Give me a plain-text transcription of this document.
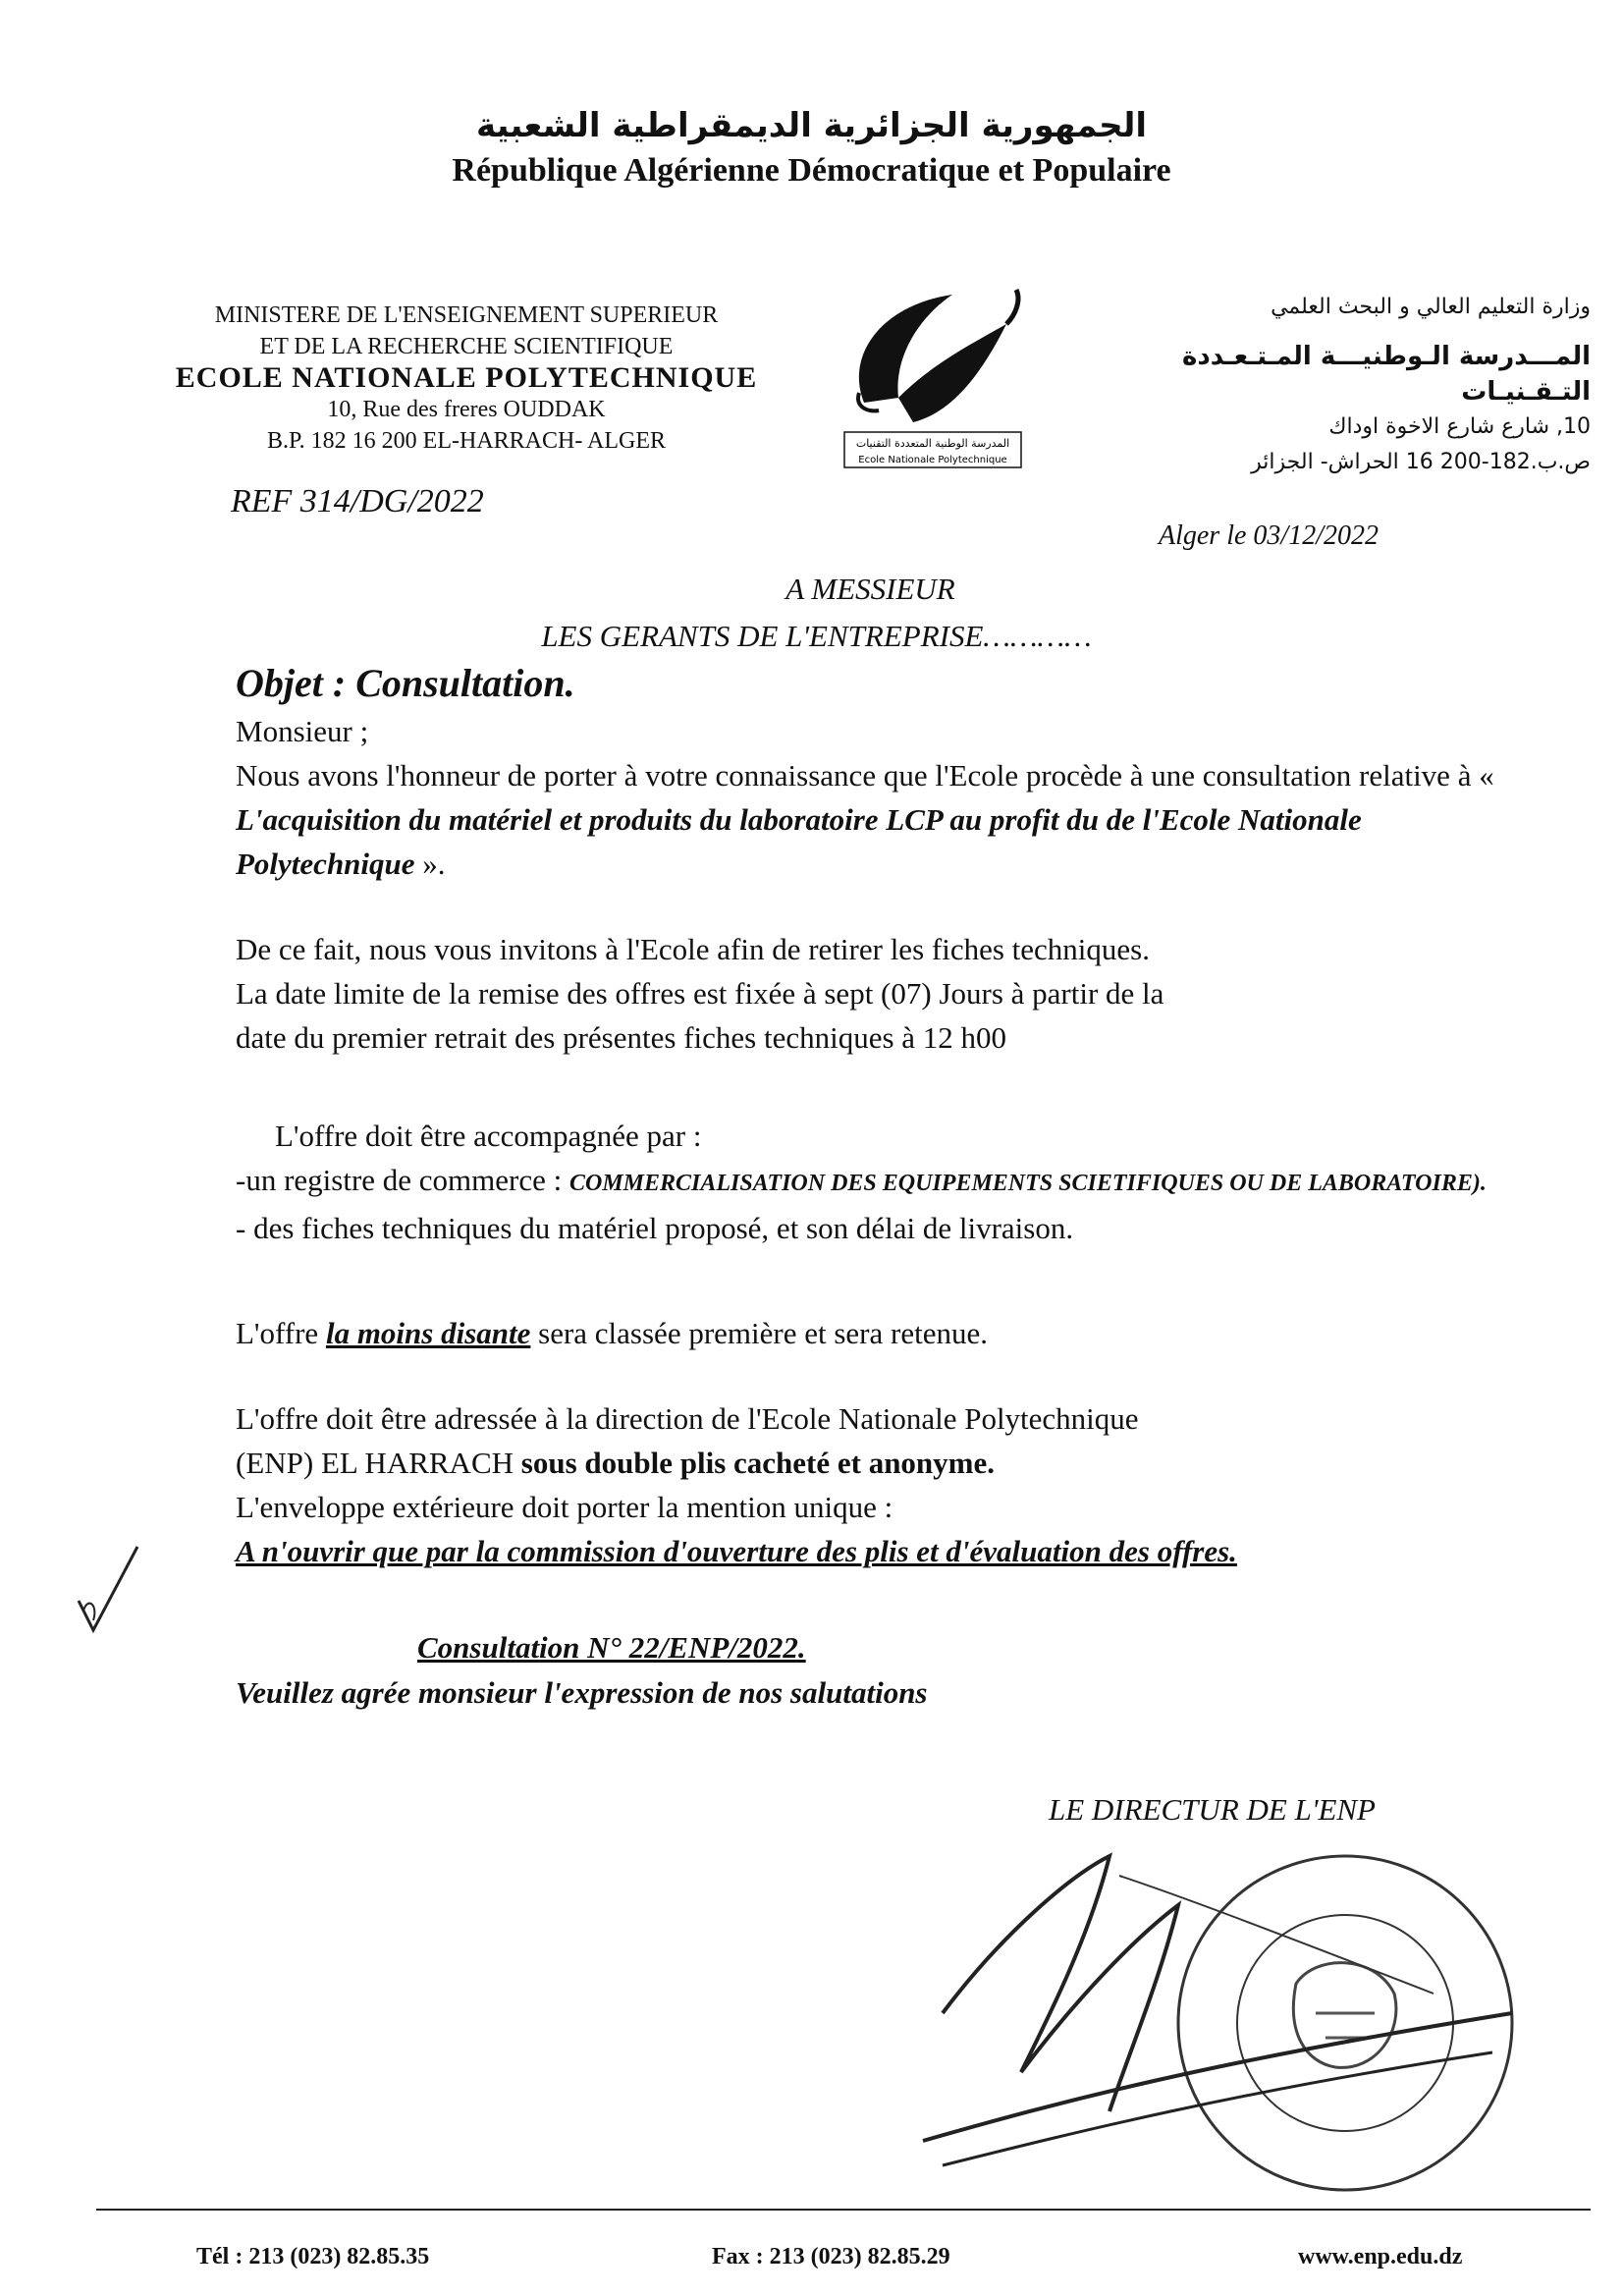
الجمهورية الجزائرية الديمقراطية الشعبية
République Algérienne Démocratique et Populaire
MINISTERE DE L'ENSEIGNEMENT SUPERIEUR
ET DE LA RECHERCHE SCIENTIFIQUE
ECOLE NATIONALE POLYTECHNIQUE
10, Rue des freres OUDDAK
B.P. 182 16 200 EL-HARRACH- ALGER	المدرسة الوطنية المتعددة التقنيات
Ecole Nationale Polytechnique
وزارة التعليم العالي و البحث العلمي
المـــدرسة الـوطنيـــة المـتـعـددة التـقـنيـات
10, شارع شارع الاخوة اوداك
ص.ب.182-200 16 الحراش- الجزائر
REF 314/DG/2022
Alger le 03/12/2022
A MESSIEUR
LES GERANTS DE L'ENTREPRISE…………
Objet : Consultation.
Monsieur ;
Nous avons l'honneur de porter à votre connaissance que l'Ecole procède à une consultation relative à « L'acquisition du matériel et produits du laboratoire LCP au profit du de l'Ecole Nationale Polytechnique ».
De ce fait, nous vous invitons à l'Ecole afin de retirer les fiches techniques.
La date limite de la remise des offres est fixée à sept (07) Jours à partir de la
date du premier retrait des présentes fiches techniques à 12 h00
L'offre doit être accompagnée par :
-un registre de commerce : COMMERCIALISATION DES EQUIPEMENTS SCIETIFIQUES OU DE LABORATOIRE).
- des fiches techniques du matériel proposé, et son délai de livraison.
L'offre la moins disante sera classée première et sera retenue.
L'offre doit être adressée à la direction de l'Ecole Nationale Polytechnique
(ENP) EL HARRACH sous double plis cacheté et anonyme.
L'enveloppe extérieure doit porter la mention unique :
A n'ouvrir que par la commission d'ouverture des plis et d'évaluation des offres.
Consultation N° 22/ENP/2022.
Veuillez agrée monsieur l'expression de nos salutations
LE DIRECTUR DE L'ENP
Tél : 213 (023) 82.85.35	Fax : 213 (023) 82.85.29	www.enp.edu.dz
